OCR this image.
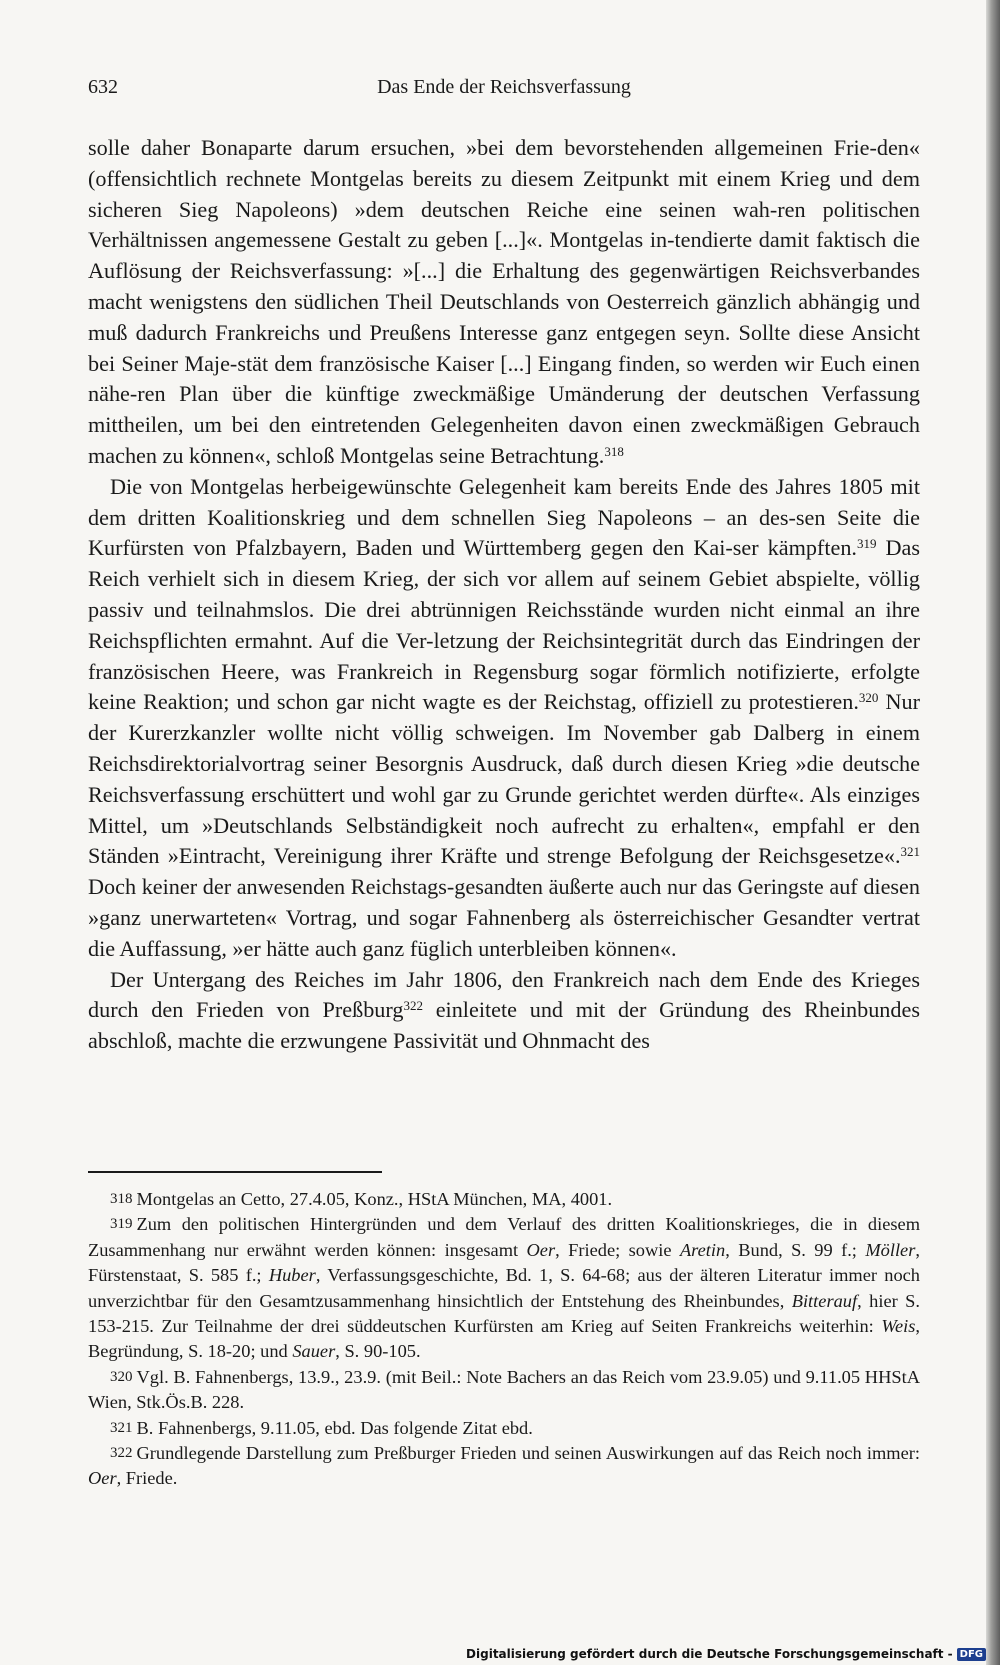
632	Das Ende der Reichsverfassung

solle daher Bonaparte darum ersuchen, »bei dem bevorstehenden allgemeinen Frie-den« (offensichtlich rechnete Montgelas bereits zu diesem Zeitpunkt mit einem Krieg und dem sicheren Sieg Napoleons) »dem deutschen Reiche eine seinen wah-ren politischen Verhältnissen angemessene Gestalt zu geben [...]«. Montgelas in-tendierte damit faktisch die Auflösung der Reichsverfassung: »[...] die Erhaltung des gegenwärtigen Reichsverbandes macht wenigstens den südlichen Theil Deutschlands von Oesterreich gänzlich abhängig und muß dadurch Frankreichs und Preußens Interesse ganz entgegen seyn. Sollte diese Ansicht bei Seiner Maje-stät dem französische Kaiser [...] Eingang finden, so werden wir Euch einen nähe-ren Plan über die künftige zweckmäßige Umänderung der deutschen Verfassung mittheilen, um bei den eintretenden Gelegenheiten davon einen zweckmäßigen Gebrauch machen zu können«, schloß Montgelas seine Betrachtung.$^{318}$

Die von Montgelas herbeigewünschte Gelegenheit kam bereits Ende des Jahres 1805 mit dem dritten Koalitionskrieg und dem schnellen Sieg Napoleons – an des-sen Seite die Kurfürsten von Pfalzbayern, Baden und Württemberg gegen den Kai-ser kämpften.$^{319}$ Das Reich verhielt sich in diesem Krieg, der sich vor allem auf seinem Gebiet abspielte, völlig passiv und teilnahmslos. Die drei abtrünnigen Reichsstände wurden nicht einmal an ihre Reichspflichten ermahnt. Auf die Ver-letzung der Reichsintegrität durch das Eindringen der französischen Heere, was Frankreich in Regensburg sogar förmlich notifizierte, erfolgte keine Reaktion; und schon gar nicht wagte es der Reichstag, offiziell zu protestieren.$^{320}$ Nur der Kurerzkanzler wollte nicht völlig schweigen. Im November gab Dalberg in einem Reichsdirektorialvortrag seiner Besorgnis Ausdruck, daß durch diesen Krieg »die deutsche Reichsverfassung erschüttert und wohl gar zu Grunde gerichtet werden dürfte«. Als einziges Mittel, um »Deutschlands Selbständigkeit noch aufrecht zu erhalten«, empfahl er den Ständen »Eintracht, Vereinigung ihrer Kräfte und strenge Befolgung der Reichsgesetze«.$^{321}$ Doch keiner der anwesenden Reichstags-gesandten äußerte auch nur das Geringste auf diesen »ganz unerwarteten« Vortrag, und sogar Fahnenberg als österreichischer Gesandter vertrat die Auffassung, »er hätte auch ganz füglich unterbleiben können«.

Der Untergang des Reiches im Jahr 1806, den Frankreich nach dem Ende des Krieges durch den Frieden von Preßburg$^{322}$ einleitete und mit der Gründung des Rheinbundes abschloß, machte die erzwungene Passivität und Ohnmacht des

318 Montgelas an Cetto, 27.4.05, Konz., HStA München, MA, 4001.

319 Zum den politischen Hintergründen und dem Verlauf des dritten Koalitionskrieges, die in diesem Zusammenhang nur erwähnt werden können: insgesamt Oer, Friede; sowie Aretin, Bund, S. 99 f.; Möller, Fürstenstaat, S. 585 f.; Huber, Verfassungsgeschichte, Bd. 1, S. 64-68; aus der älteren Literatur immer noch unverzichtbar für den Gesamtzusammenhang hinsichtlich der Entstehung des Rheinbundes, Bitterauf, hier S. 153-215. Zur Teilnahme der drei süddeutschen Kurfürsten am Krieg auf Seiten Frankreichs weiterhin: Weis, Begründung, S. 18-20; und Sauer, S. 90-105.

320 Vgl. B. Fahnenbergs, 13.9., 23.9. (mit Beil.: Note Bachers an das Reich vom 23.9.05) und 9.11.05 HHStA Wien, Stk.Ös.B. 228.

321 B. Fahnenbergs, 9.11.05, ebd. Das folgende Zitat ebd.

322 Grundlegende Darstellung zum Preßburger Frieden und seinen Auswirkungen auf das Reich noch immer: Oer, Friede.

Digitalisierung gefördert durch die Deutsche Forschungsgemeinschaft - DFG
